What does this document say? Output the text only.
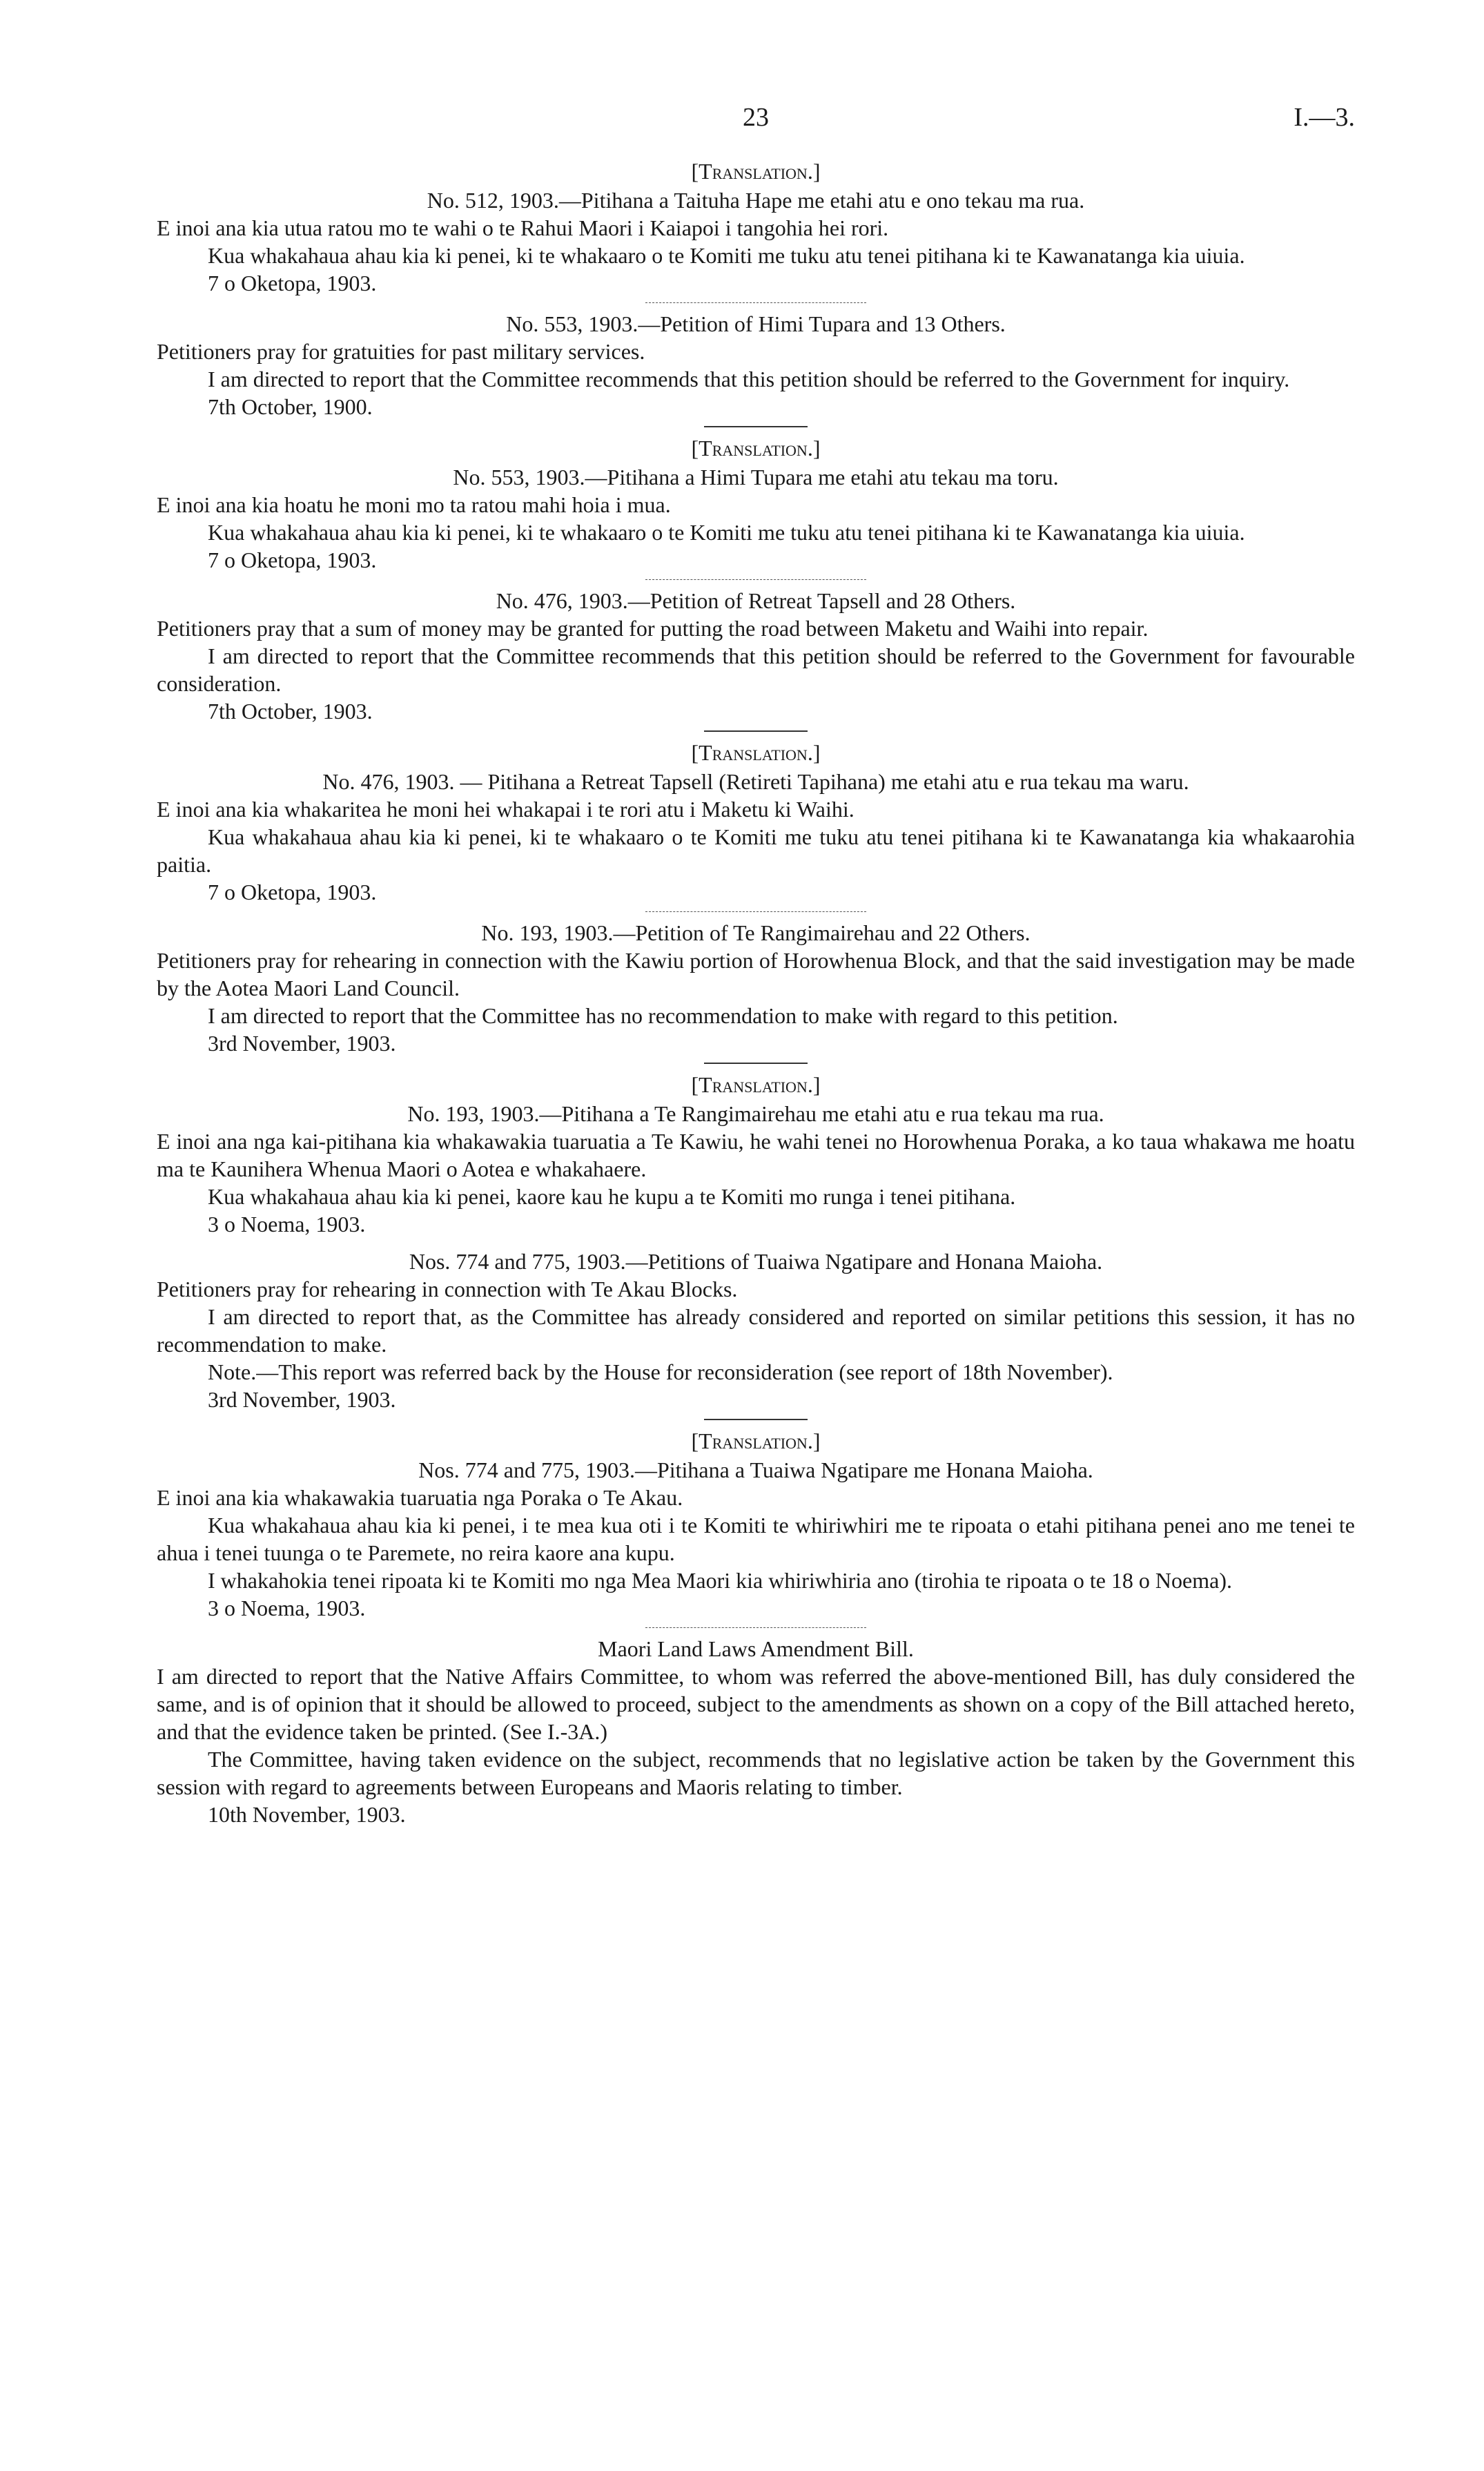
23	I.—3.

[Translation.]

No. 512, 1903.—Pitihana a Taituha Hape me etahi atu e ono tekau ma rua.

E inoi ana kia utua ratou mo te wahi o te Rahui Maori i Kaiapoi i tangohia hei rori.

Kua whakahaua ahau kia ki penei, ki te whakaaro o te Komiti me tuku atu tenei pitihana ki te Kawanatanga kia uiuia.

7 o Oketopa, 1903.

No. 553, 1903.—Petition of Himi Tupara and 13 Others.

Petitioners pray for gratuities for past military services.

I am directed to report that the Committee recommends that this petition should be referred to the Government for inquiry.

7th October, 1900.

[Translation.]

No. 553, 1903.—Pitihana a Himi Tupara me etahi atu tekau ma toru.

E inoi ana kia hoatu he moni mo ta ratou mahi hoia i mua.

Kua whakahaua ahau kia ki penei, ki te whakaaro o te Komiti me tuku atu tenei pitihana ki te Kawanatanga kia uiuia.

7 o Oketopa, 1903.

No. 476, 1903.—Petition of Retreat Tapsell and 28 Others.

Petitioners pray that a sum of money may be granted for putting the road between Maketu and Waihi into repair.

I am directed to report that the Committee recommends that this petition should be referred to the Government for favourable consideration.

7th October, 1903.

[Translation.]

No. 476, 1903. — Pitihana a Retreat Tapsell (Retireti Tapihana) me etahi atu e rua tekau ma waru.

E inoi ana kia whakaritea he moni hei whakapai i te rori atu i Maketu ki Waihi.

Kua whakahaua ahau kia ki penei, ki te whakaaro o te Komiti me tuku atu tenei pitihana ki te Kawanatanga kia whakaarohia paitia.

7 o Oketopa, 1903.

No. 193, 1903.—Petition of Te Rangimairehau and 22 Others.

Petitioners pray for rehearing in connection with the Kawiu portion of Horowhenua Block, and that the said investigation may be made by the Aotea Maori Land Council.

I am directed to report that the Committee has no recommendation to make with regard to this petition.

3rd November, 1903.

[Translation.]

No. 193, 1903.—Pitihana a Te Rangimairehau me etahi atu e rua tekau ma rua.

E inoi ana nga kai-pitihana kia whakawakia tuaruatia a Te Kawiu, he wahi tenei no Horowhenua Poraka, a ko taua whakawa me hoatu ma te Kaunihera Whenua Maori o Aotea e whakahaere.

Kua whakahaua ahau kia ki penei, kaore kau he kupu a te Komiti mo runga i tenei pitihana.

3 o Noema, 1903.

Nos. 774 and 775, 1903.—Petitions of Tuaiwa Ngatipare and Honana Maioha.

Petitioners pray for rehearing in connection with Te Akau Blocks.

I am directed to report that, as the Committee has already considered and reported on similar petitions this session, it has no recommendation to make.

Note.—This report was referred back by the House for reconsideration (see report of 18th November).

3rd November, 1903.

[Translation.]

Nos. 774 and 775, 1903.—Pitihana a Tuaiwa Ngatipare me Honana Maioha.

E inoi ana kia whakawakia tuaruatia nga Poraka o Te Akau.

Kua whakahaua ahau kia ki penei, i te mea kua oti i te Komiti te whiriwhiri me te ripoata o etahi pitihana penei ano me tenei te ahua i tenei tuunga o te Paremete, no reira kaore ana kupu.

I whakahokia tenei ripoata ki te Komiti mo nga Mea Maori kia whiriwhiria ano (tirohia te ripoata o te 18 o Noema).

3 o Noema, 1903.

Maori Land Laws Amendment Bill.

I am directed to report that the Native Affairs Committee, to whom was referred the above-mentioned Bill, has duly considered the same, and is of opinion that it should be allowed to proceed, subject to the amendments as shown on a copy of the Bill attached hereto, and that the evidence taken be printed. (See I.-3A.)

The Committee, having taken evidence on the subject, recommends that no legislative action be taken by the Government this session with regard to agreements between Europeans and Maoris relating to timber.

10th November, 1903.
